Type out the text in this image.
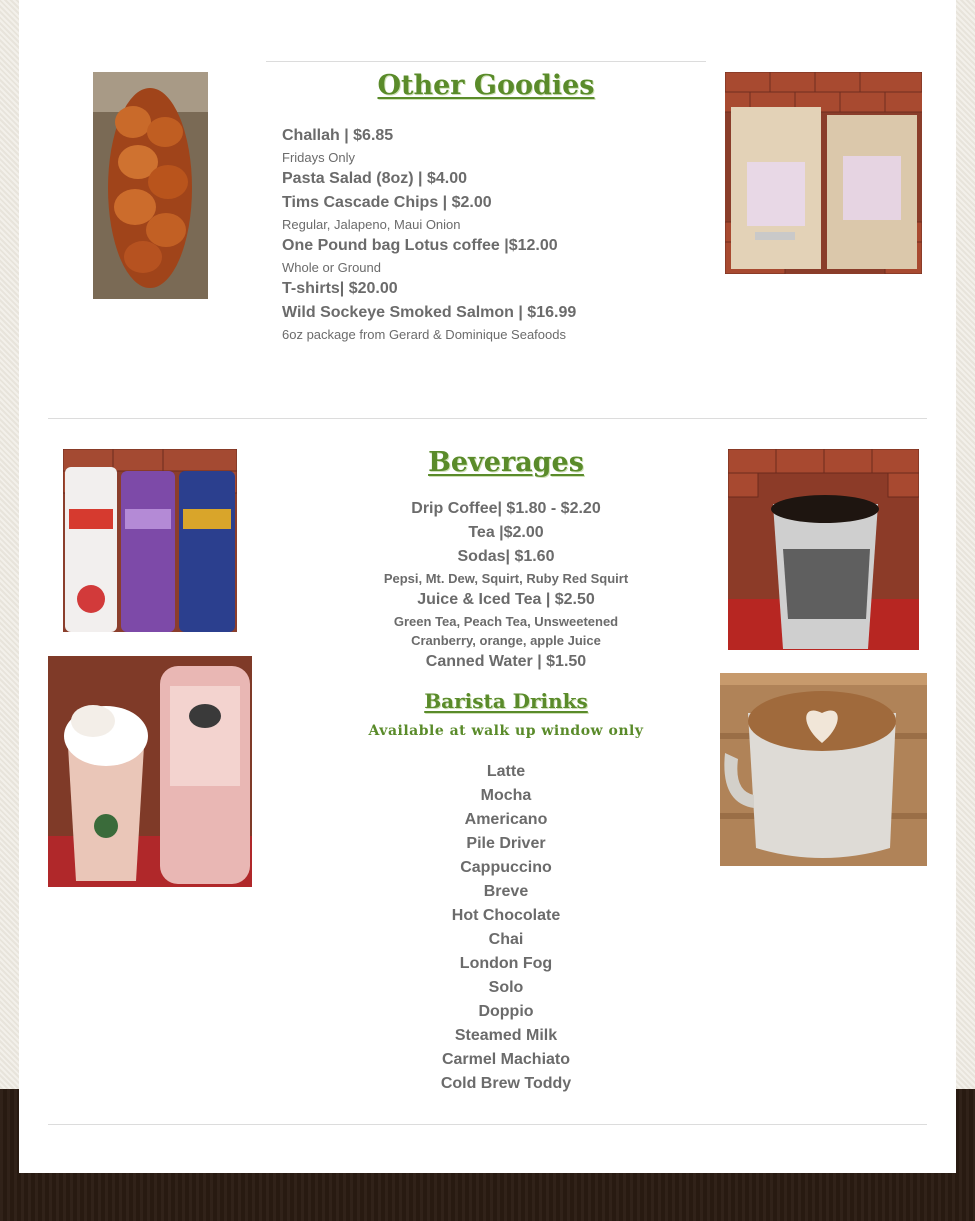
Other Goodies
Challah | $6.85
Fridays Only
Pasta Salad (8oz) | $4.00
Tims Cascade Chips | $2.00
Regular, Jalapeno, Maui Onion
One Pound bag Lotus coffee |$12.00
Whole or Ground
T-shirts| $20.00
Wild Sockeye Smoked Salmon | $16.99
6oz package from Gerard & Dominique Seafoods
Beverages
Drip Coffee| $1.80 - $2.20
Tea |$2.00
Sodas| $1.60
Pepsi, Mt. Dew, Squirt, Ruby Red Squirt
Juice & Iced Tea | $2.50
Green Tea, Peach Tea, Unsweetened
Cranberry, orange, apple Juice
Canned Water | $1.50
Barista Drinks
Available at walk up window only
Latte
Mocha
Americano
Pile Driver
Cappuccino
Breve
Hot Chocolate
Chai
London Fog
Solo
Doppio
Steamed Milk
Carmel Machiato
Cold Brew Toddy
